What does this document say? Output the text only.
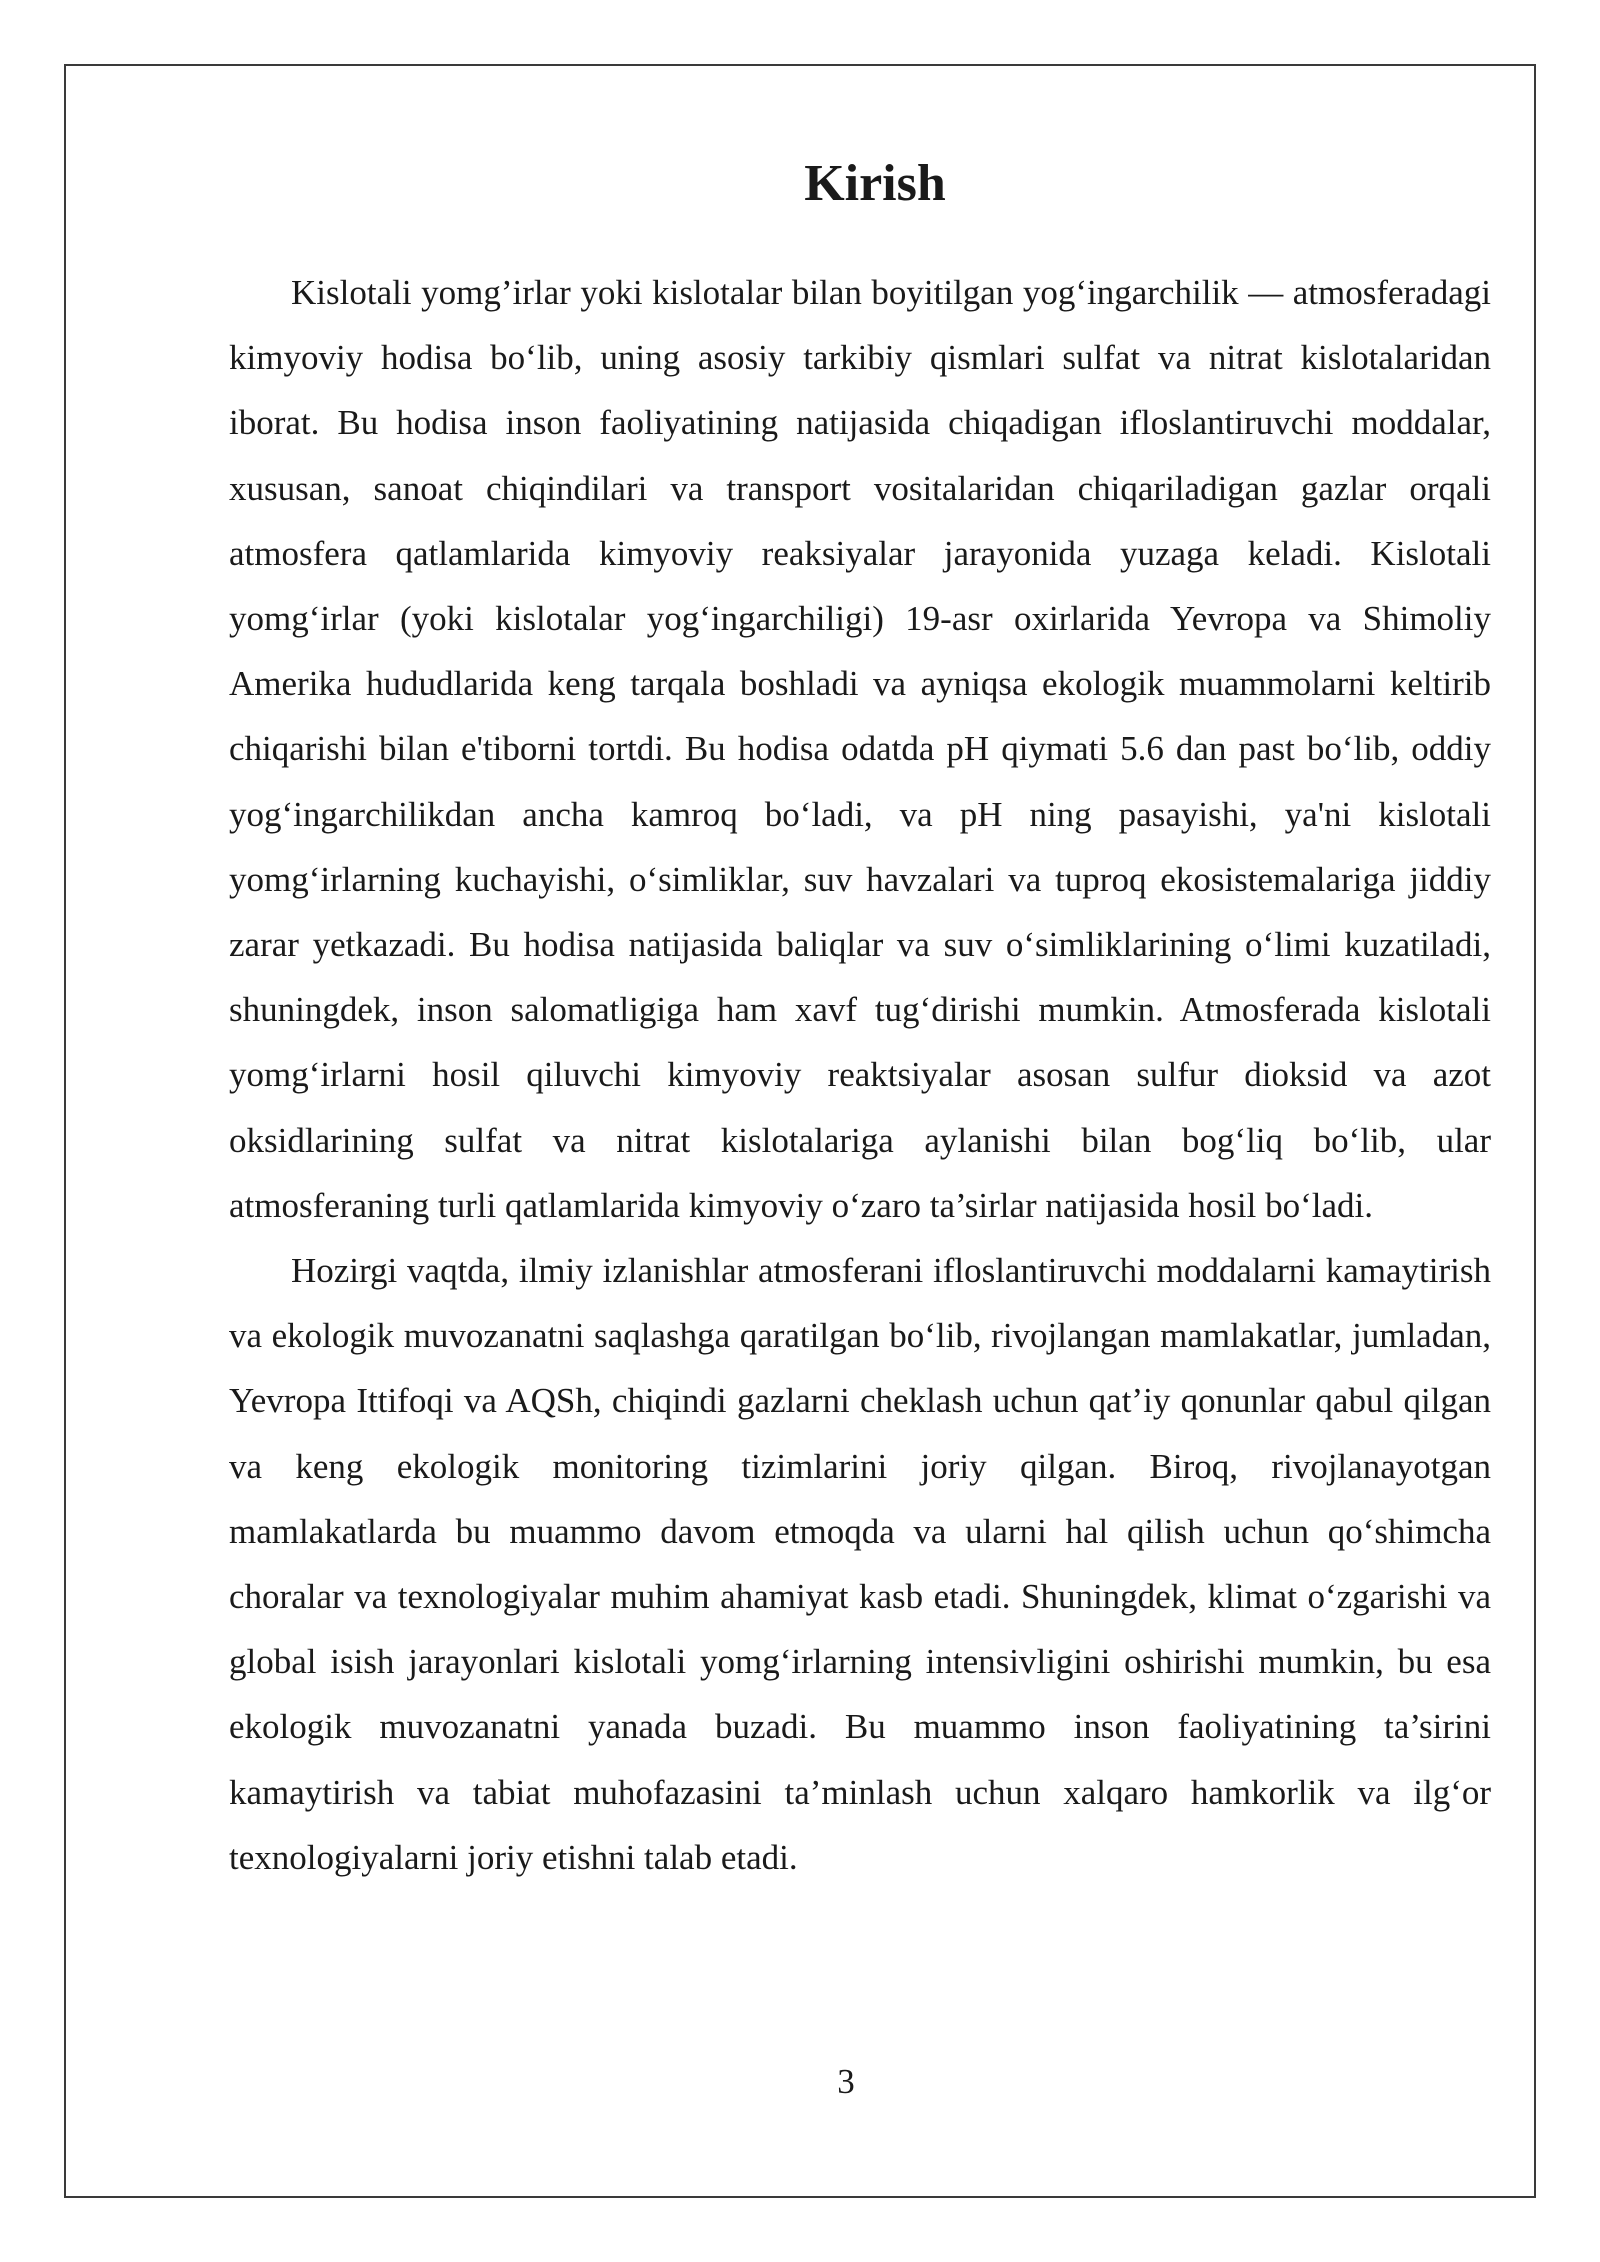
Kirish

Kislotali yomg’irlar yoki kislotalar bilan boyitilgan yog‘ingarchilik — atmosferadagi kimyoviy hodisa bo‘lib, uning asosiy tarkibiy qismlari sulfat va nitrat kislotalaridan iborat. Bu hodisa inson faoliyatining natijasida chiqadigan ifloslantiruvchi moddalar, xususan, sanoat chiqindilari va transport vositalaridan chiqariladigan gazlar orqali atmosfera qatlamlarida kimyoviy reaksiyalar jarayonida yuzaga keladi. Kislotali yomg‘irlar (yoki kislotalar yog‘ingarchiligi) 19-asr oxirlarida Yevropa va Shimoliy Amerika hududlarida keng tarqala boshladi va ayniqsa ekologik muammolarni keltirib chiqarishi bilan e'tiborni tortdi. Bu hodisa odatda pH qiymati 5.6 dan past bo‘lib, oddiy yog‘ingarchilikdan ancha kamroq bo‘ladi, va pH ning pasayishi, ya'ni kislotali yomg‘irlarning kuchayishi, o‘simliklar, suv havzalari va tuproq ekosistemalariga jiddiy zarar yetkazadi. Bu hodisa natijasida baliqlar va suv o‘simliklarining o‘limi kuzatiladi, shuningdek, inson salomatligiga ham xavf tug‘dirishi mumkin. Atmosferada kislotali yomg‘irlarni hosil qiluvchi kimyoviy reaktsiyalar asosan sulfur dioksid va azot oksidlarining sulfat va nitrat kislotalariga aylanishi bilan bog‘liq bo‘lib, ular atmosferaning turli qatlamlarida kimyoviy o‘zaro ta’sirlar natijasida hosil bo‘ladi.

Hozirgi vaqtda, ilmiy izlanishlar atmosferani ifloslantiruvchi moddalarni kamaytirish va ekologik muvozanatni saqlashga qaratilgan bo‘lib, rivojlangan mamlakatlar, jumladan, Yevropa Ittifoqi va AQSh, chiqindi gazlarni cheklash uchun qat’iy qonunlar qabul qilgan va keng ekologik monitoring tizimlarini joriy qilgan. Biroq, rivojlanayotgan mamlakatlarda bu muammo davom etmoqda va ularni hal qilish uchun qo‘shimcha choralar va texnologiyalar muhim ahamiyat kasb etadi. Shuningdek, klimat o‘zgarishi va global isish jarayonlari kislotali yomg‘irlarning intensivligini oshirishi mumkin, bu esa ekologik muvozanatni yanada buzadi. Bu muammo inson faoliyatining ta’sirini kamaytirish va tabiat muhofazasini ta’minlash uchun xalqaro hamkorlik va ilg‘or texnologiyalarni joriy etishni talab etadi.

3
